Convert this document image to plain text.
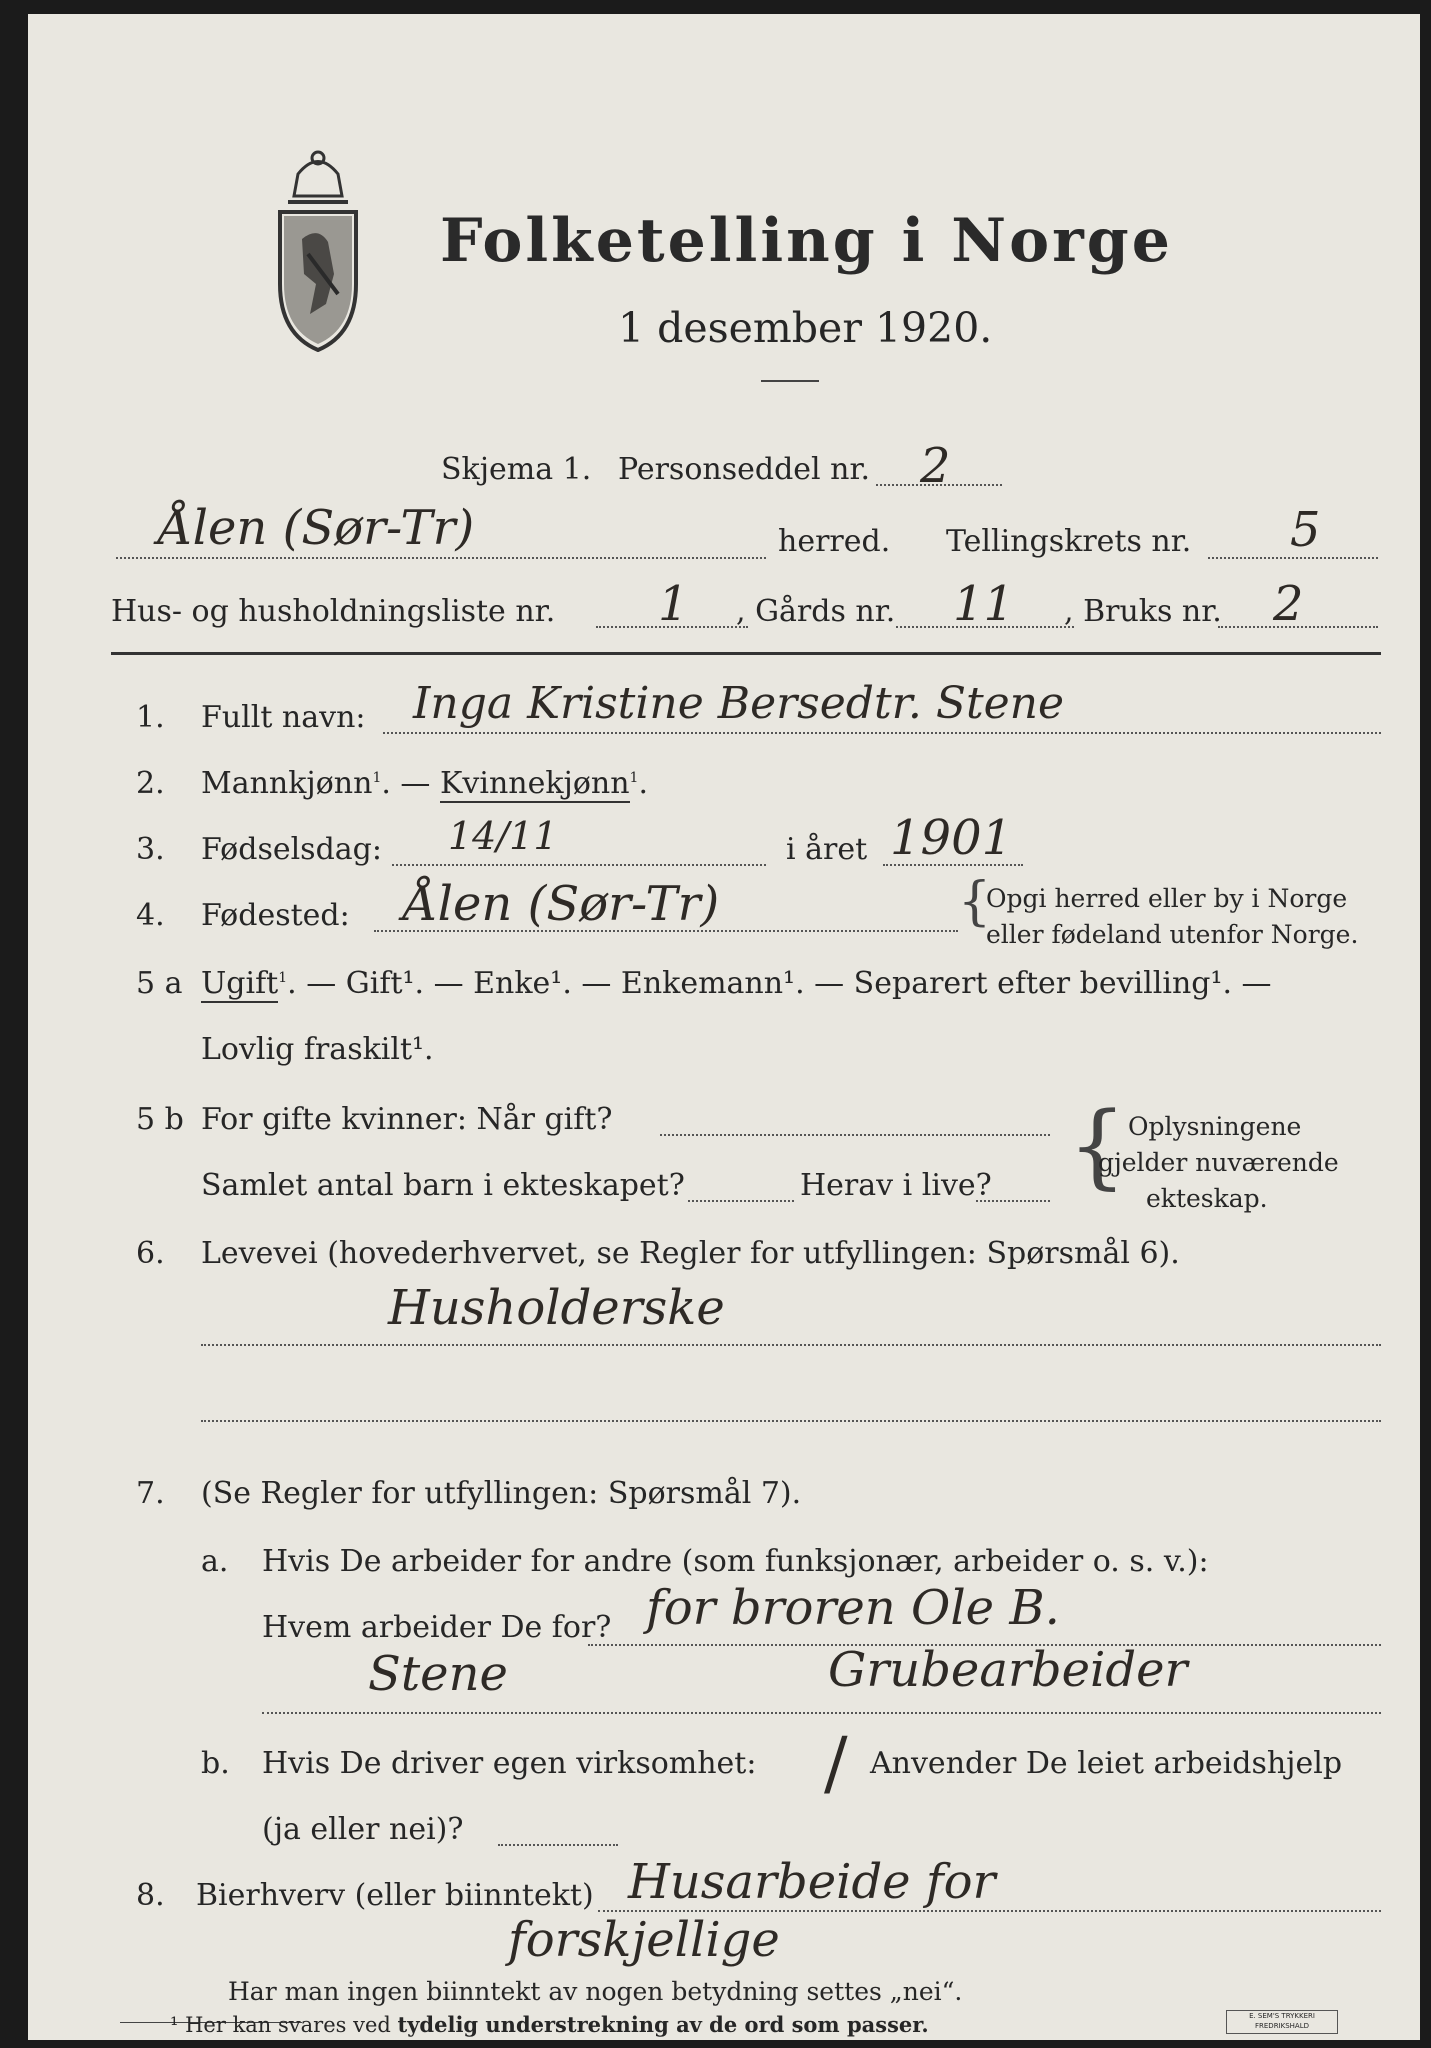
Folketelling i Norge
1 desember 1920.
Skjema 1. Personseddel nr. 2
Ålen (Sør-Tr)	herred. Tellingskrets nr. 5
Hus- og husholdningsliste nr. 1 , Gårds nr. 11 , Bruks nr. 2
1. Fullt navn: Inga Kristine Bersedtr. Stene
2. Mannkjønn$^1$. — Kvinnekjønn$^1$.
3. Fødselsdag: 14/11	i året 1901
4. Fødested: Ålen (Sør-Tr)	{
Opgi herred eller by i Norge
eller fødeland utenfor Norge.
5 a Ugift$^1$. — Gift¹. — Enke¹. — Enkemann¹. — Separert efter bevilling¹. —
Lovlig fraskilt¹.
5 b For gifte kvinner: Når gift?
Samlet antal barn i ekteskapet?	Herav i live? { Oplysningene
gjelder nuværende
ekteskap.
6. Levevei (hovederhvervet, se Regler for utfyllingen: Spørsmål 6).
Husholderske
7. (Se Regler for utfyllingen: Spørsmål 7).
a. Hvis De arbeider for andre (som funksjonær, arbeider o. s. v.):
Hvem arbeider De for? for broren Ole B.
Stene	Grubearbeider
b. Hvis De driver egen virksomhet: / Anvender De leiet arbeidshjelp
(ja eller nei)?
8. Bierhverv (eller biinntekt) Husarbeide for
forskjellige
Har man ingen biinntekt av nogen betydning settes „nei“.
¹ Her kan svares ved tydelig understrekning av de ord som passer.	E. SEM'S TRYKKERI FREDRIKSHALD
